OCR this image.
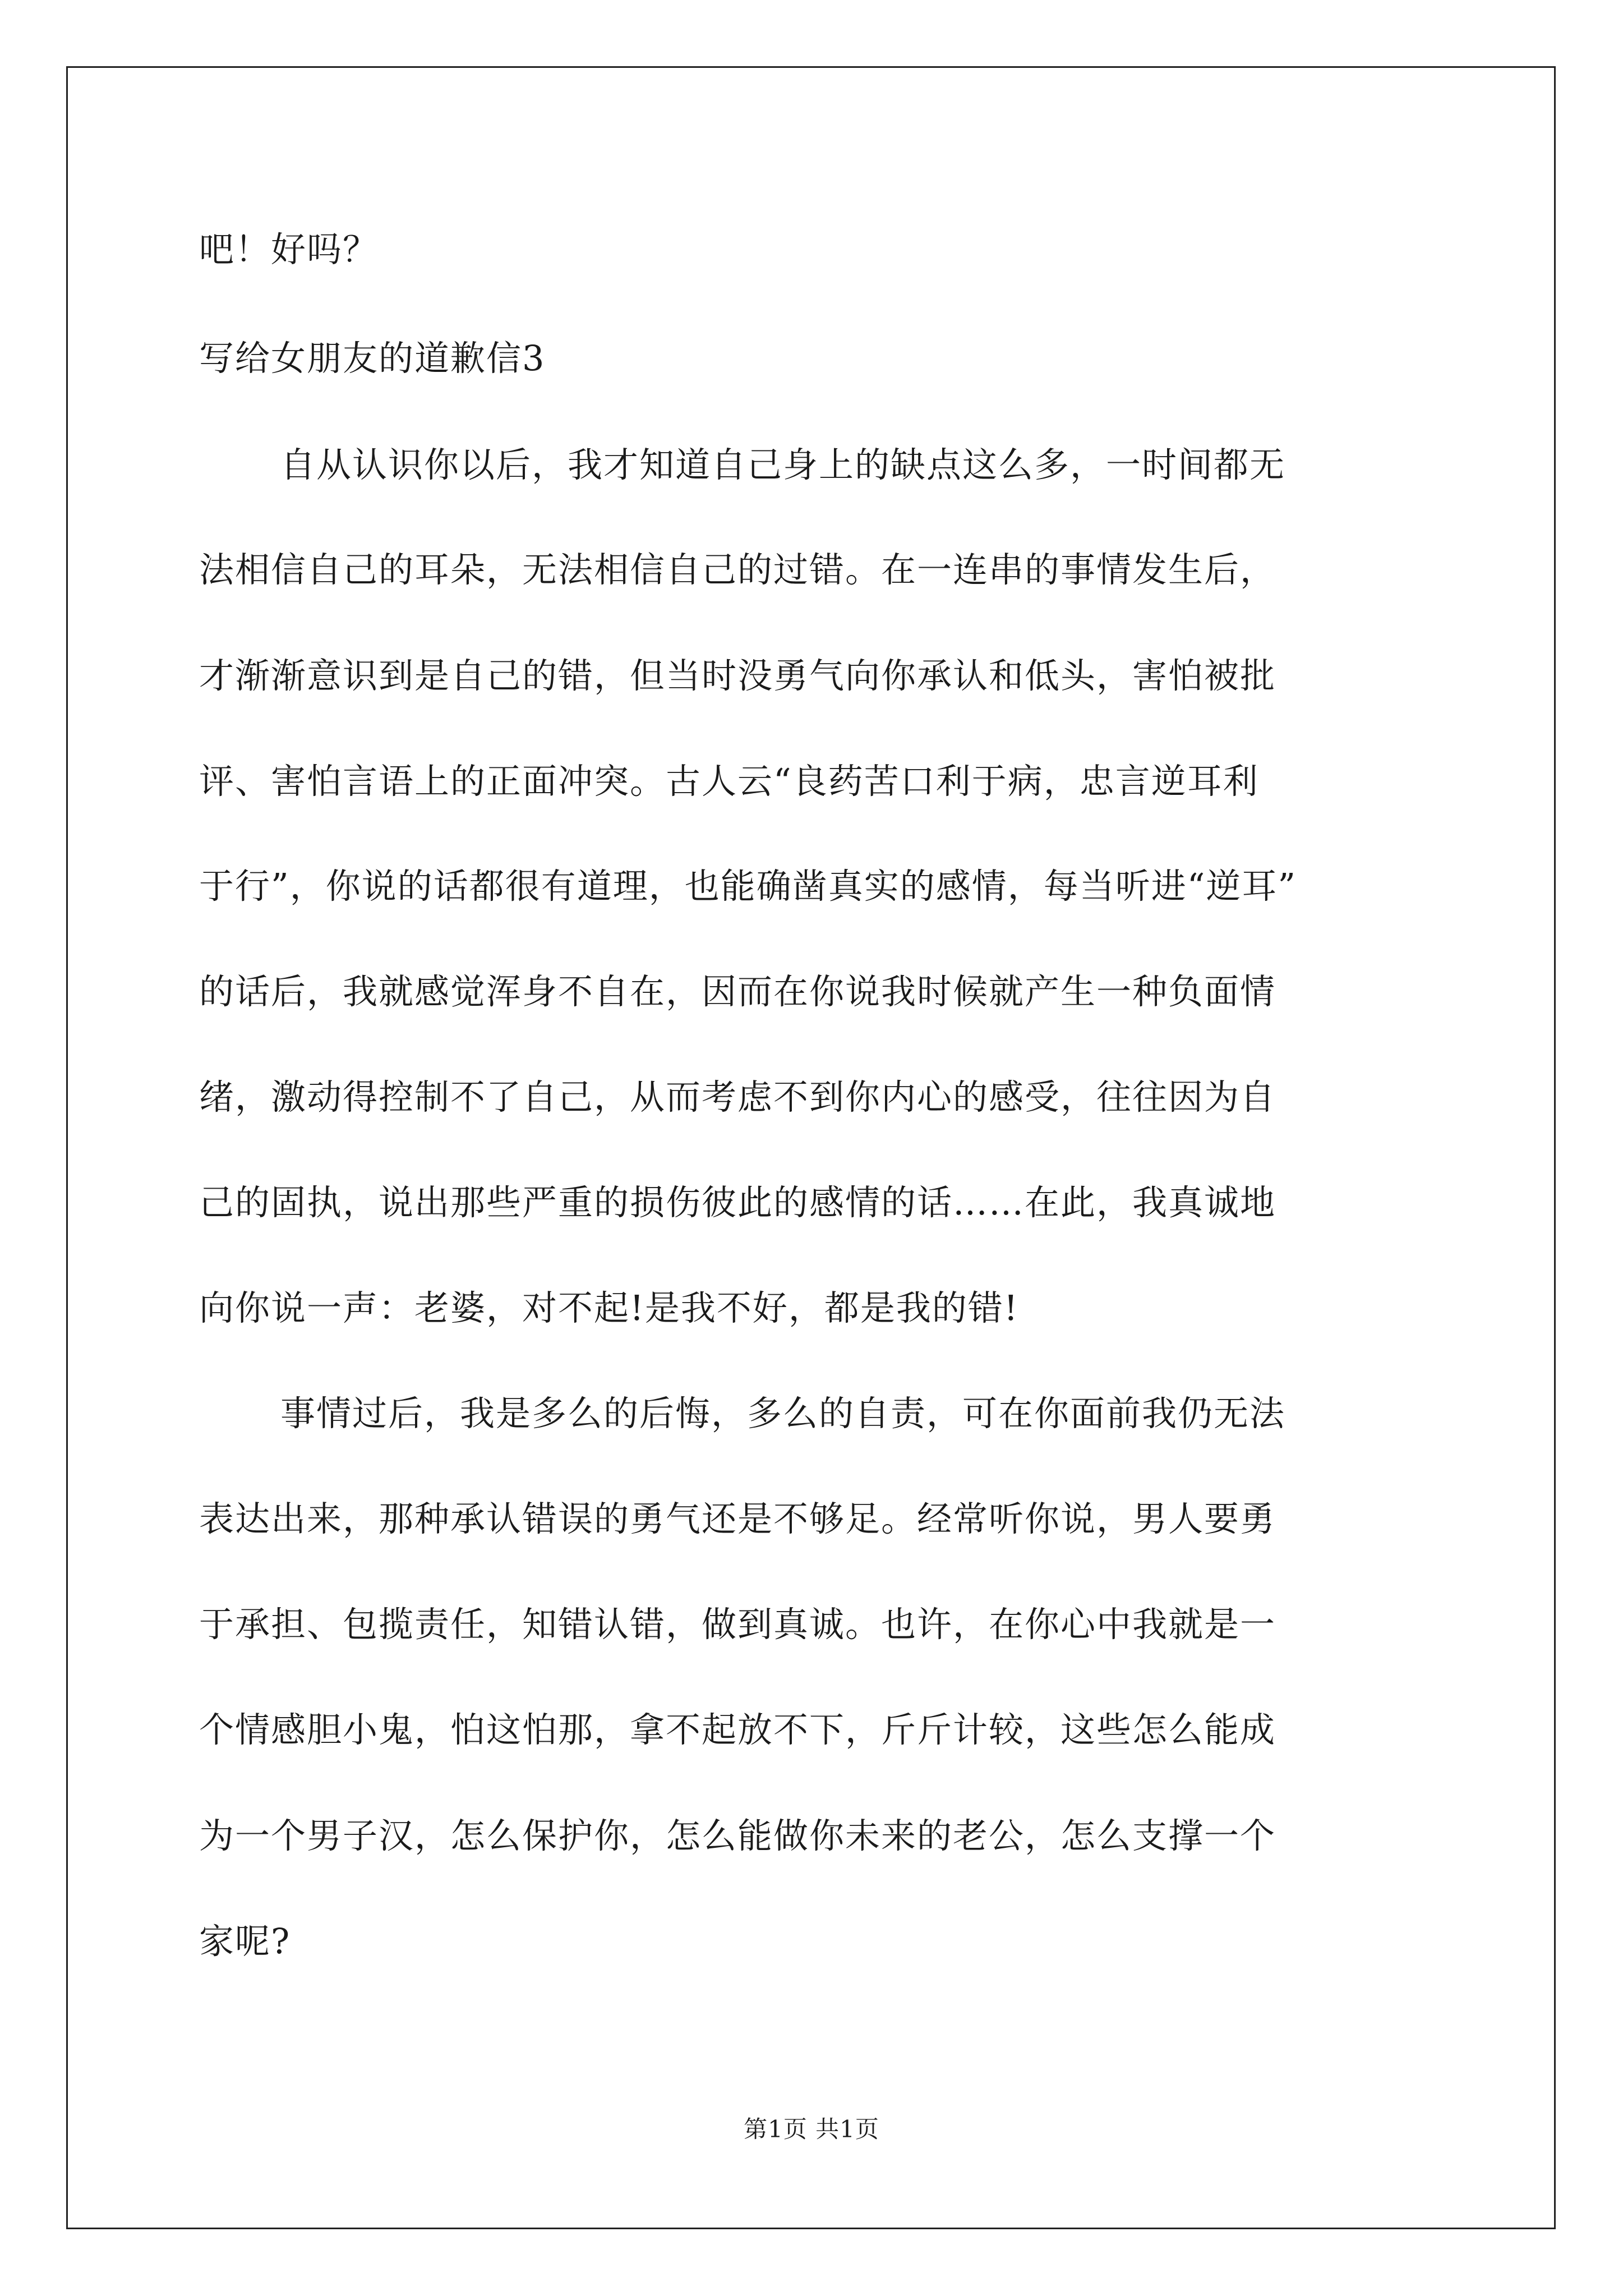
吧！好吗？

写给女朋友的道歉信3

自从认识你以后，我才知道自己身上的缺点这么多，一时间都无

法相信自己的耳朵，无法相信自己的过错。在一连串的事情发生后，

才渐渐意识到是自己的错，但当时没勇气向你承认和低头，害怕被批

评、害怕言语上的正面冲突。古人云“良药苦口利于病，忠言逆耳利

于行”，你说的话都很有道理，也能确凿真实的感情，每当听进“逆耳”

的话后，我就感觉浑身不自在，因而在你说我时候就产生一种负面情

绪，激动得控制不了自己，从而考虑不到你内心的感受，往往因为自

己的固执，说出那些严重的损伤彼此的感情的话……在此，我真诚地

向你说一声：老婆，对不起!是我不好，都是我的错!

事情过后，我是多么的后悔，多么的自责，可在你面前我仍无法

表达出来，那种承认错误的勇气还是不够足。经常听你说，男人要勇

于承担、包揽责任，知错认错，做到真诚。也许，在你心中我就是一

个情感胆小鬼，怕这怕那，拿不起放不下，斤斤计较，这些怎么能成

为一个男子汉，怎么保护你，怎么能做你未来的老公，怎么支撑一个

家呢?

第1页 共1页
